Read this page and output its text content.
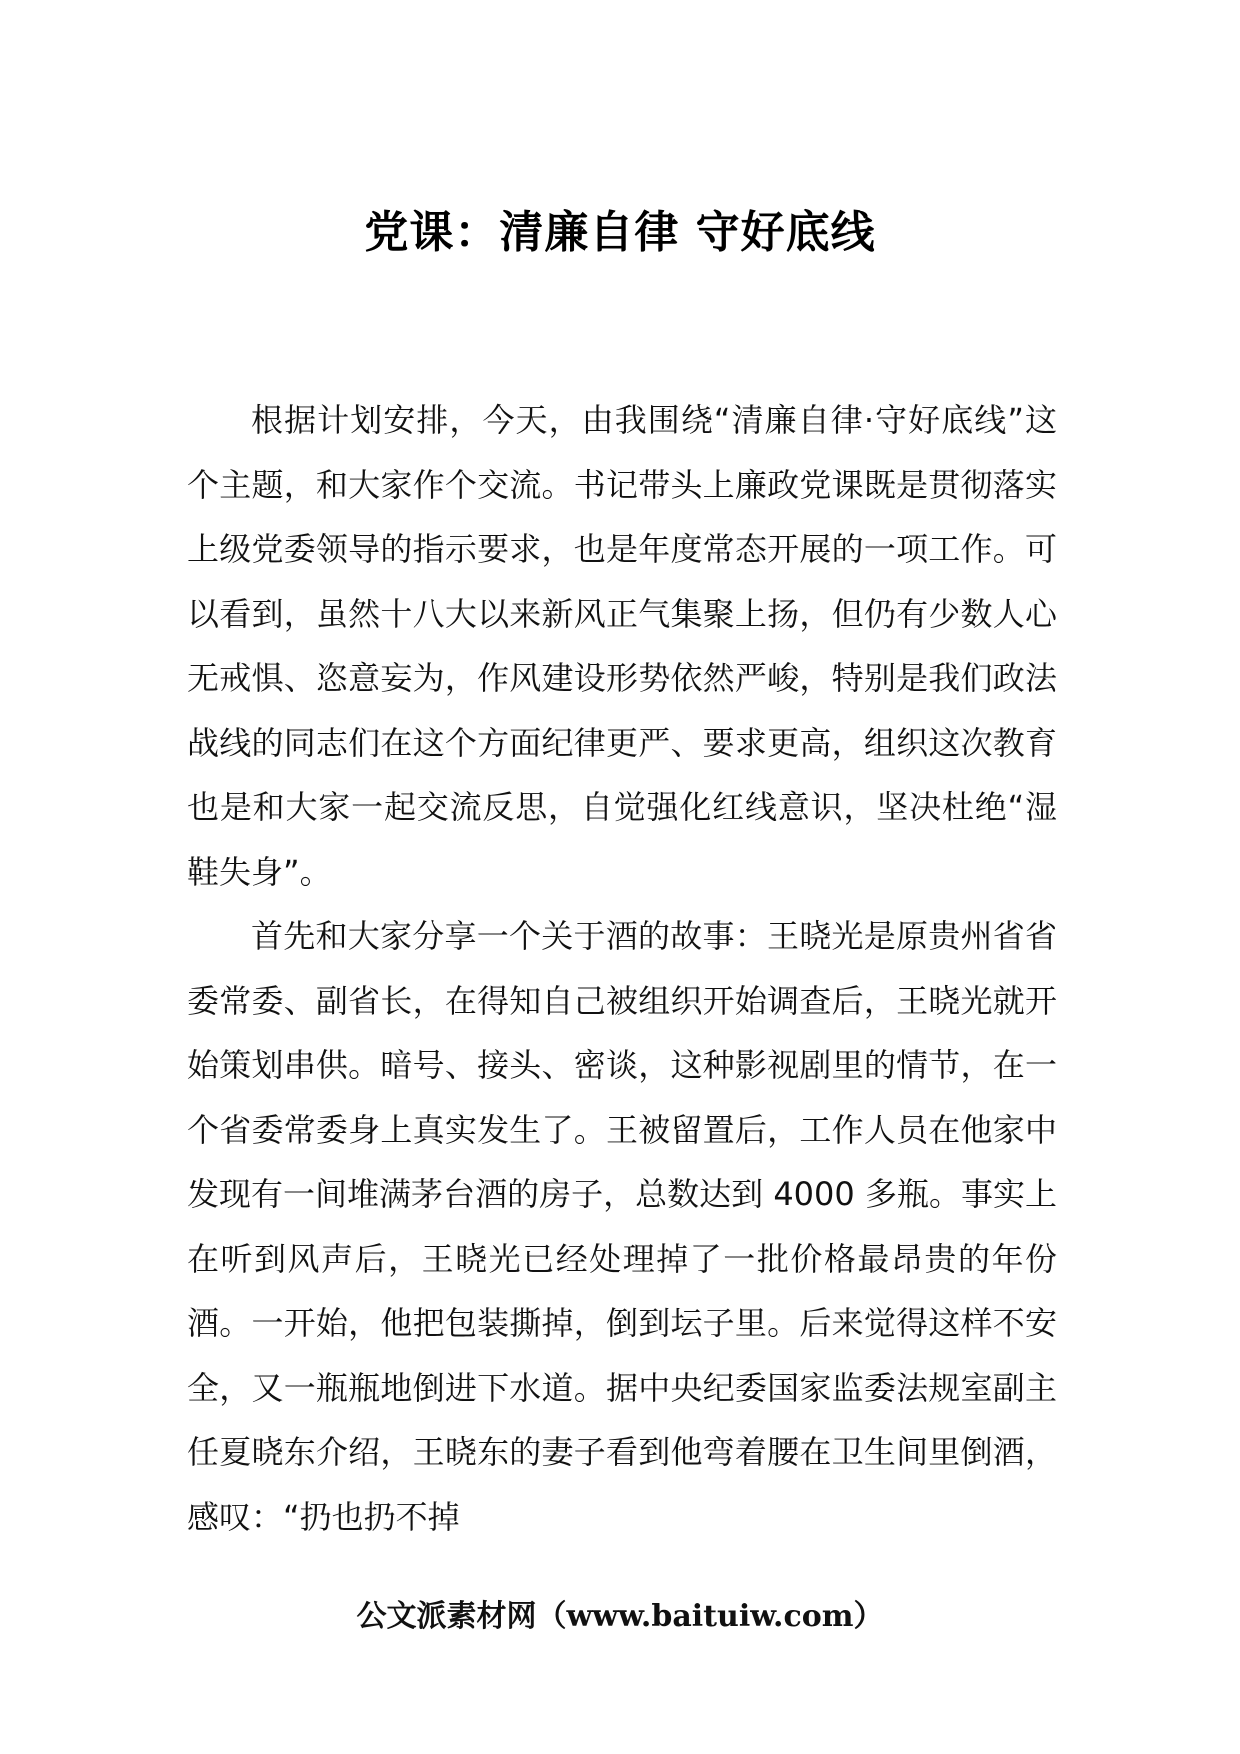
党课：清廉自律 守好底线

根据计划安排，今天，由我围绕“清廉自律·守好底线”这个主题，和大家作个交流。书记带头上廉政党课既是贯彻落实上级党委领导的指示要求，也是年度常态开展的一项工作。可以看到，虽然十八大以来新风正气集聚上扬，但仍有少数人心无戒惧、恣意妄为，作风建设形势依然严峻，特别是我们政法战线的同志们在这个方面纪律更严、要求更高，组织这次教育也是和大家一起交流反思，自觉强化红线意识，坚决杜绝“湿鞋失身”。

首先和大家分享一个关于酒的故事：王晓光是原贵州省省委常委、副省长，在得知自己被组织开始调查后，王晓光就开始策划串供。暗号、接头、密谈，这种影视剧里的情节，在一个省委常委身上真实发生了。王被留置后，工作人员在他家中发现有一间堆满茅台酒的房子，总数达到 4000 多瓶。事实上在听到风声后，王晓光已经处理掉了一批价格最昂贵的年份酒。一开始，他把包装撕掉，倒到坛子里。后来觉得这样不安全，又一瓶瓶地倒进下水道。据中央纪委国家监委法规室副主任夏晓东介绍，王晓东的妻子看到他弯着腰在卫生间里倒酒，感叹：“扔也扔不掉

公文派素材网（www.baituiw.com）
